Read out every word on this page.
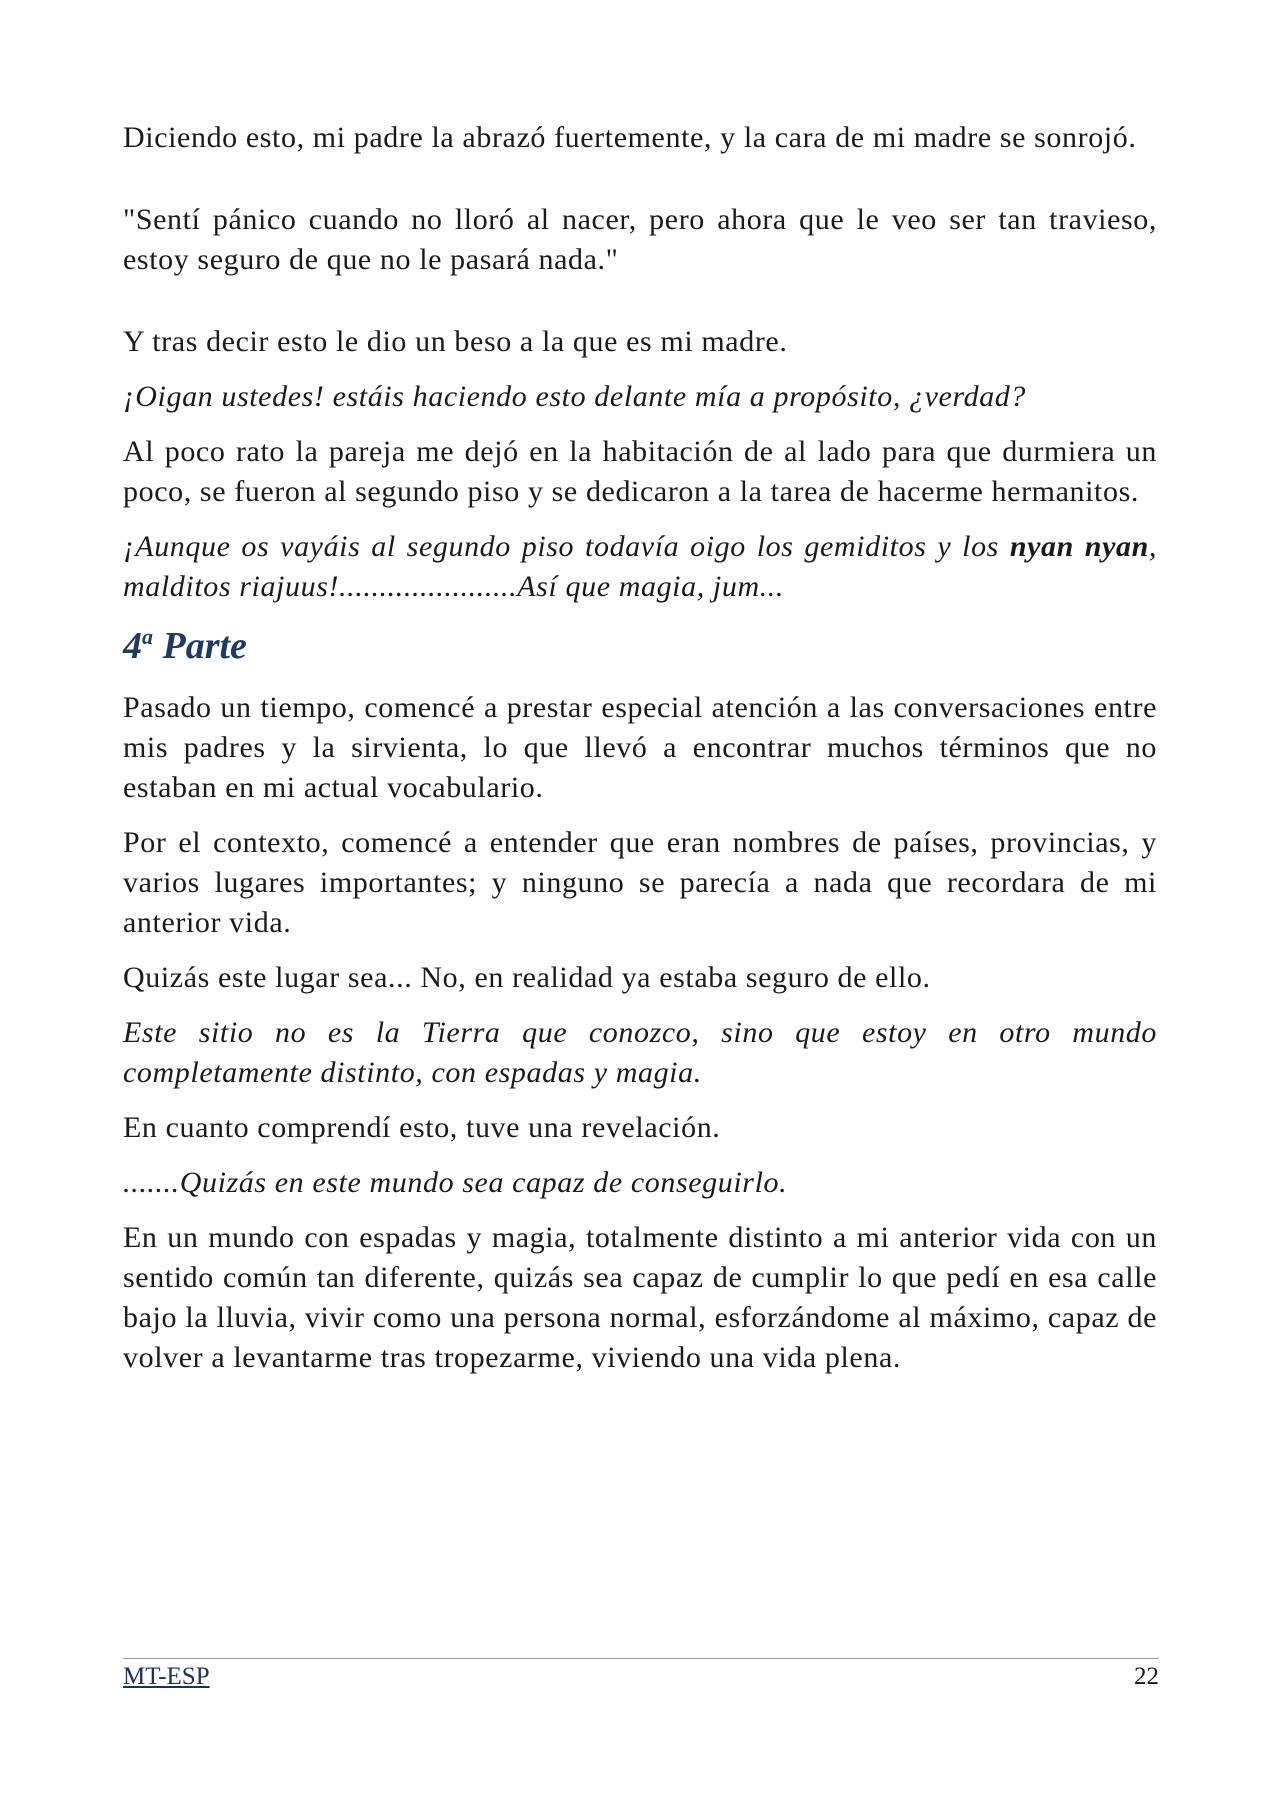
Diciendo esto, mi padre la abrazó fuertemente, y la cara de mi madre se sonrojó.

"Sentí pánico cuando no lloró al nacer, pero ahora que le veo ser tan travieso, estoy seguro de que no le pasará nada."

Y tras decir esto le dio un beso a la que es mi madre.

¡Oigan ustedes! estáis haciendo esto delante mía a propósito, ¿verdad?

Al poco rato la pareja me dejó en la habitación de al lado para que durmiera un poco, se fueron al segundo piso y se dedicaron a la tarea de hacerme hermanitos.

¡Aunque os vayáis al segundo piso todavía oigo los gemiditos y los nyan nyan, malditos riajuus!......................Así que magia, jum...

4$^a$ Parte

Pasado un tiempo, comencé a prestar especial atención a las conversaciones entre mis padres y la sirvienta, lo que llevó a encontrar muchos términos que no estaban en mi actual vocabulario.

Por el contexto, comencé a entender que eran nombres de países, provincias, y varios lugares importantes; y ninguno se parecía a nada que recordara de mi anterior vida.

Quizás este lugar sea... No, en realidad ya estaba seguro de ello.

Este sitio no es la Tierra que conozco, sino que estoy en otro mundo completamente distinto, con espadas y magia.

En cuanto comprendí esto, tuve una revelación.

.......Quizás en este mundo sea capaz de conseguirlo.

En un mundo con espadas y magia, totalmente distinto a mi anterior vida con un sentido común tan diferente, quizás sea capaz de cumplir lo que pedí en esa calle bajo la lluvia, vivir como una persona normal, esforzándome al máximo, capaz de volver a levantarme tras tropezarme, viviendo una vida plena.

MT-ESP	22
